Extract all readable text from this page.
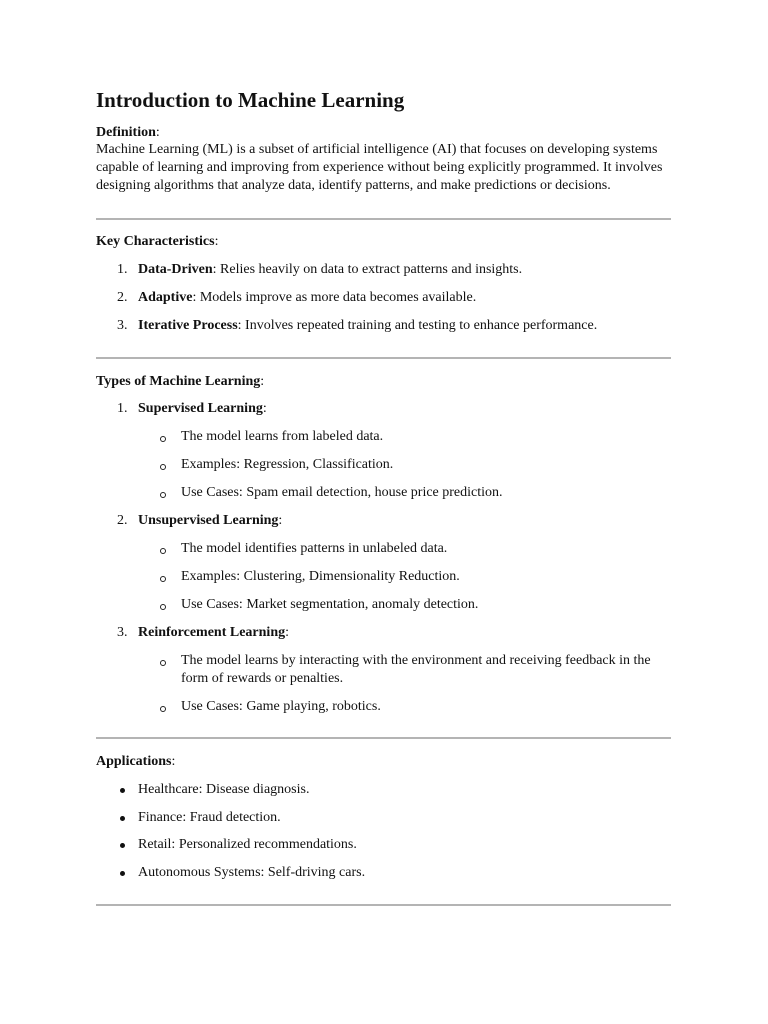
Introduction to Machine Learning

Definition:

Machine Learning (ML) is a subset of artificial intelligence (AI) that focuses on developing systems capable of learning and improving from experience without being explicitly programmed. It involves designing algorithms that analyze data, identify patterns, and make predictions or decisions.

Key Characteristics:
1. Data-Driven: Relies heavily on data to extract patterns and insights.
2. Adaptive: Models improve as more data becomes available.
3. Iterative Process: Involves repeated training and testing to enhance performance.
Types of Machine Learning:
1. Supervised Learning:
The model learns from labeled data.
Examples: Regression, Classification.
Use Cases: Spam email detection, house price prediction.
2. Unsupervised Learning:
The model identifies patterns in unlabeled data.
Examples: Clustering, Dimensionality Reduction.
Use Cases: Market segmentation, anomaly detection.
3. Reinforcement Learning:
The model learns by interacting with the environment and receiving feedback in the
form of rewards or penalties.
Use Cases: Game playing, robotics.
Applications:
Healthcare: Disease diagnosis.
Finance: Fraud detection.
Retail: Personalized recommendations.
Autonomous Systems: Self-driving cars.
